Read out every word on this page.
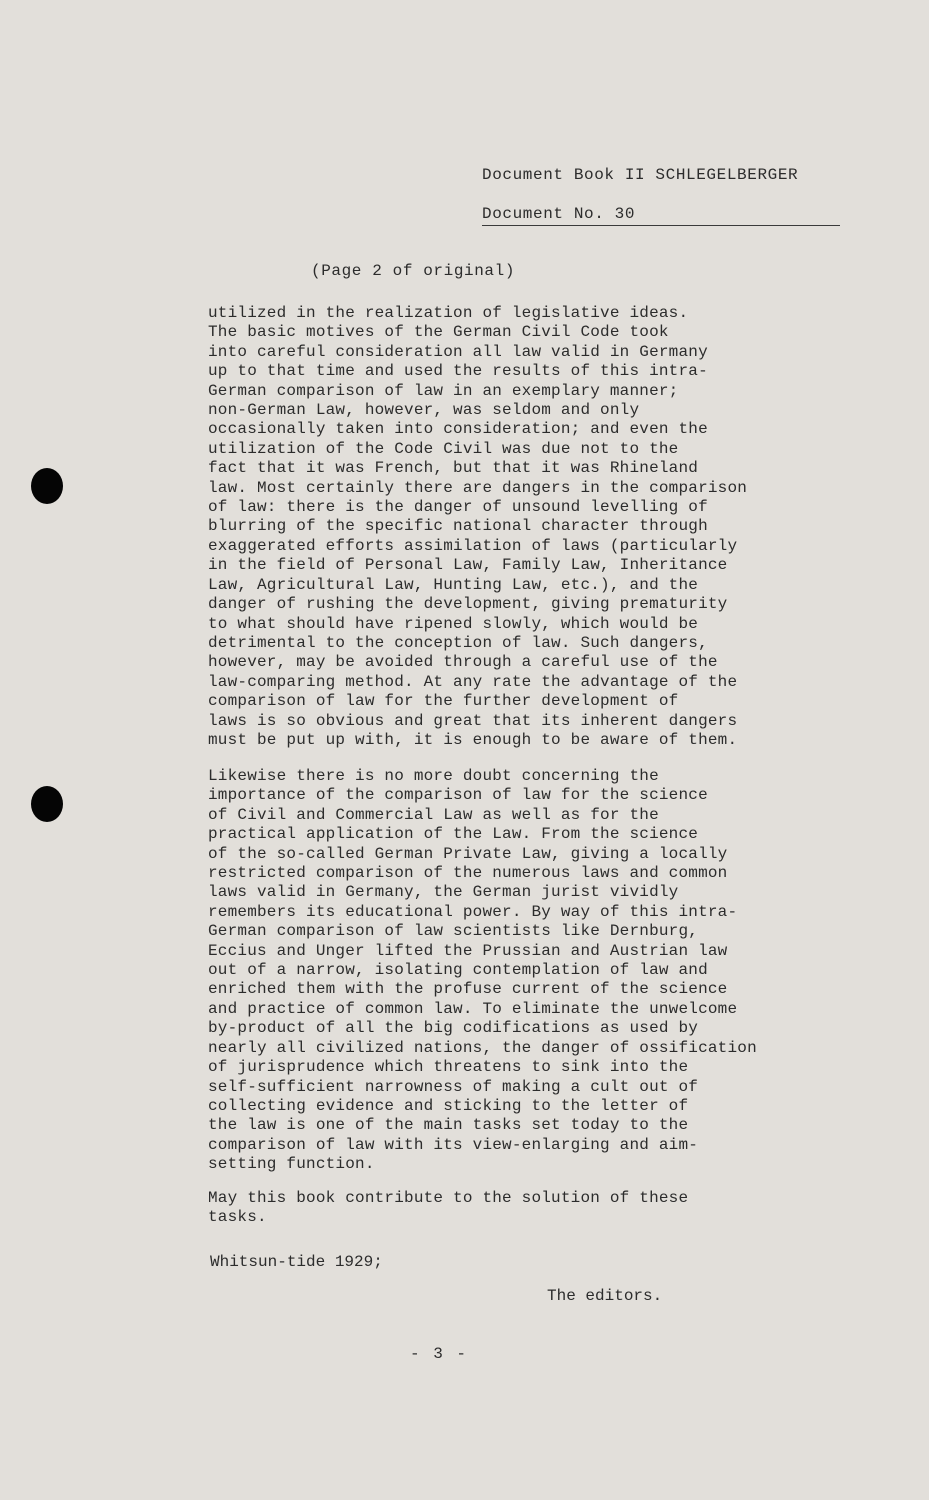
Document Book II SCHLEGELBERGER
Document No. 30
(Page 2 of original)
utilized in the realization of legislative ideas.
The basic motives of the German Civil Code took
into careful consideration all law valid in Germany
up to that time and used the results of this intra-
German comparison of law in an exemplary manner;
non-German Law, however, was seldom and only
occasionally taken into consideration; and even the
utilization of the Code Civil was due not to the
fact that it was French, but that it was Rhineland
law. Most certainly there are dangers in the comparison
of law: there is the danger of unsound levelling of
blurring of the specific national character through
exaggerated efforts assimilation of laws (particularly
in the field of Personal Law, Family Law, Inheritance
Law, Agricultural Law, Hunting Law, etc.), and the
danger of rushing the development, giving prematurity
to what should have ripened slowly, which would be
detrimental to the conception of law. Such dangers,
however, may be avoided through a careful use of the
law-comparing method. At any rate the advantage of the
comparison of law for the further development of
laws is so obvious and great that its inherent dangers
must be put up with, it is enough to be aware of them.
Likewise there is no more doubt concerning the
importance of the comparison of law for the science
of Civil and Commercial Law as well as for the
practical application of the Law. From the science
of the so-called German Private Law, giving a locally
restricted comparison of the numerous laws and common
laws valid in Germany, the German jurist vividly
remembers its educational power. By way of this intra-
German comparison of law scientists like Dernburg,
Eccius and Unger lifted the Prussian and Austrian law
out of a narrow, isolating contemplation of law and
enriched them with the profuse current of the science
and practice of common law. To eliminate the unwelcome
by-product of all the big codifications as used by
nearly all civilized nations, the danger of ossification
of jurisprudence which threatens to sink into the
self-sufficient narrowness of making a cult out of
collecting evidence and sticking to the letter of
the law is one of the main tasks set today to the
comparison of law with its view-enlarging and aim-
setting function.
May this book contribute to the solution of these
tasks.
Whitsun-tide 1929;
The editors.
- 3 -
